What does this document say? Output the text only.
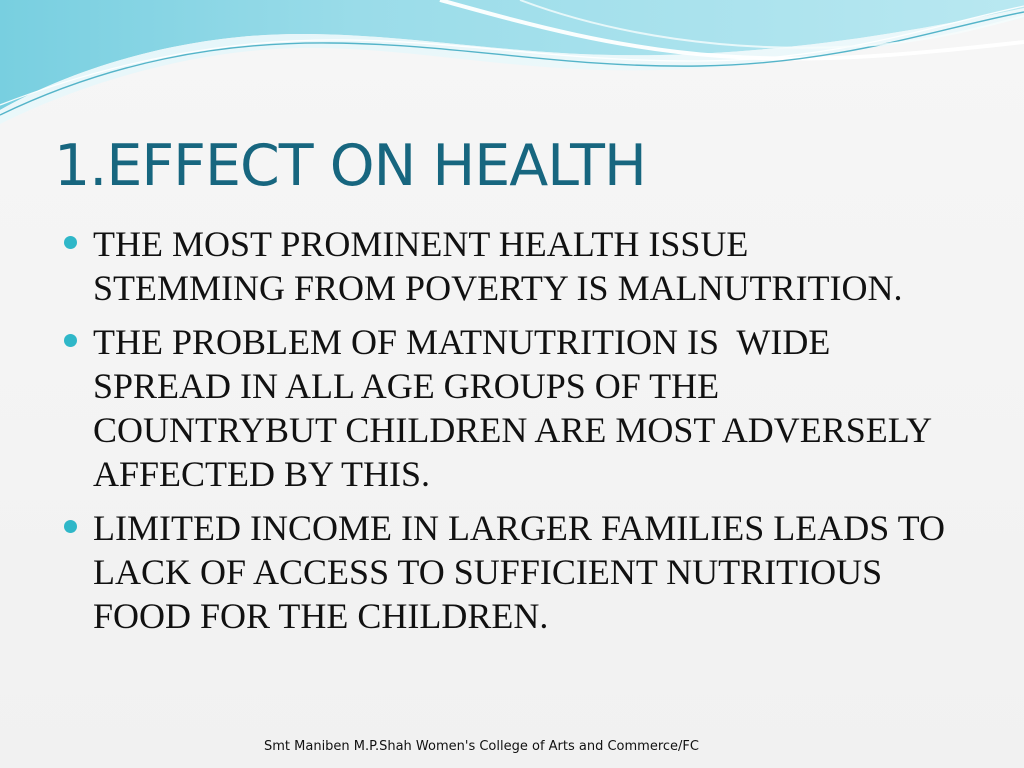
1.EFFECT ON HEALTH
THE MOST PROMINENT HEALTH ISSUE
STEMMING FROM POVERTY IS MALNUTRITION.
THE PROBLEM OF MATNUTRITION IS  WIDE
SPREAD IN ALL AGE GROUPS OF THE
COUNTRYBUT CHILDREN ARE MOST ADVERSELY
AFFECTED BY THIS.
LIMITED INCOME IN LARGER FAMILIES LEADS TO
LACK OF ACCESS TO SUFFICIENT NUTRITIOUS
FOOD FOR THE CHILDREN.
Smt Maniben M.P.Shah Women's College of Arts and Commerce/FC
